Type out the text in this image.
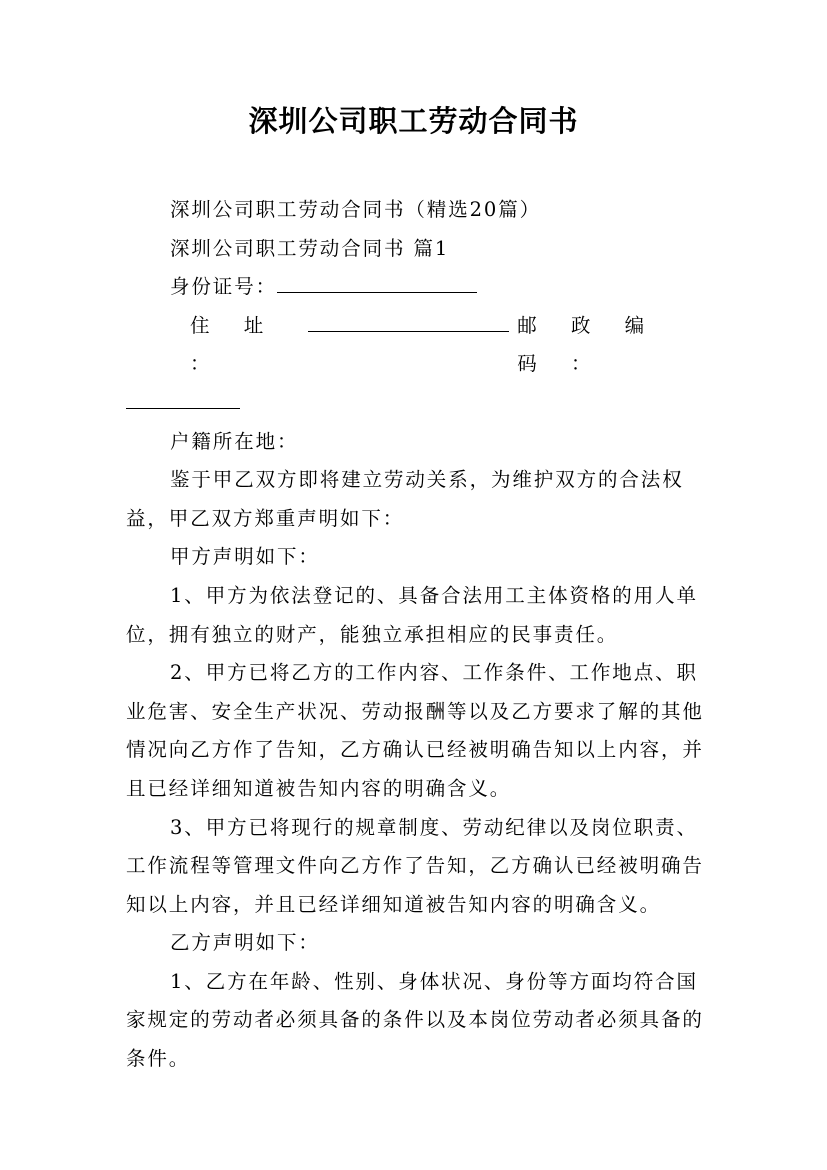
深圳公司职工劳动合同书

深圳公司职工劳动合同书（精选20篇）

深圳公司职工劳动合同书 篇1

身份证号：

住 址 ：
邮 政 编 码 ：

户籍所在地：

鉴于甲乙双方即将建立劳动关系，为维护双方的合法权益，甲乙双方郑重声明如下：

甲方声明如下：

1、甲方为依法登记的、具备合法用工主体资格的用人单位，拥有独立的财产，能独立承担相应的民事责任。

2、甲方已将乙方的工作内容、工作条件、工作地点、职业危害、安全生产状况、劳动报酬等以及乙方要求了解的其他情况向乙方作了告知，乙方确认已经被明确告知以上内容，并且已经详细知道被告知内容的明确含义。

3、甲方已将现行的规章制度、劳动纪律以及岗位职责、工作流程等管理文件向乙方作了告知，乙方确认已经被明确告知以上内容，并且已经详细知道被告知内容的明确含义。

乙方声明如下：

1、乙方在年龄、性别、身体状况、身份等方面均符合国家规定的劳动者必须具备的条件以及本岗位劳动者必须具备的条件。
